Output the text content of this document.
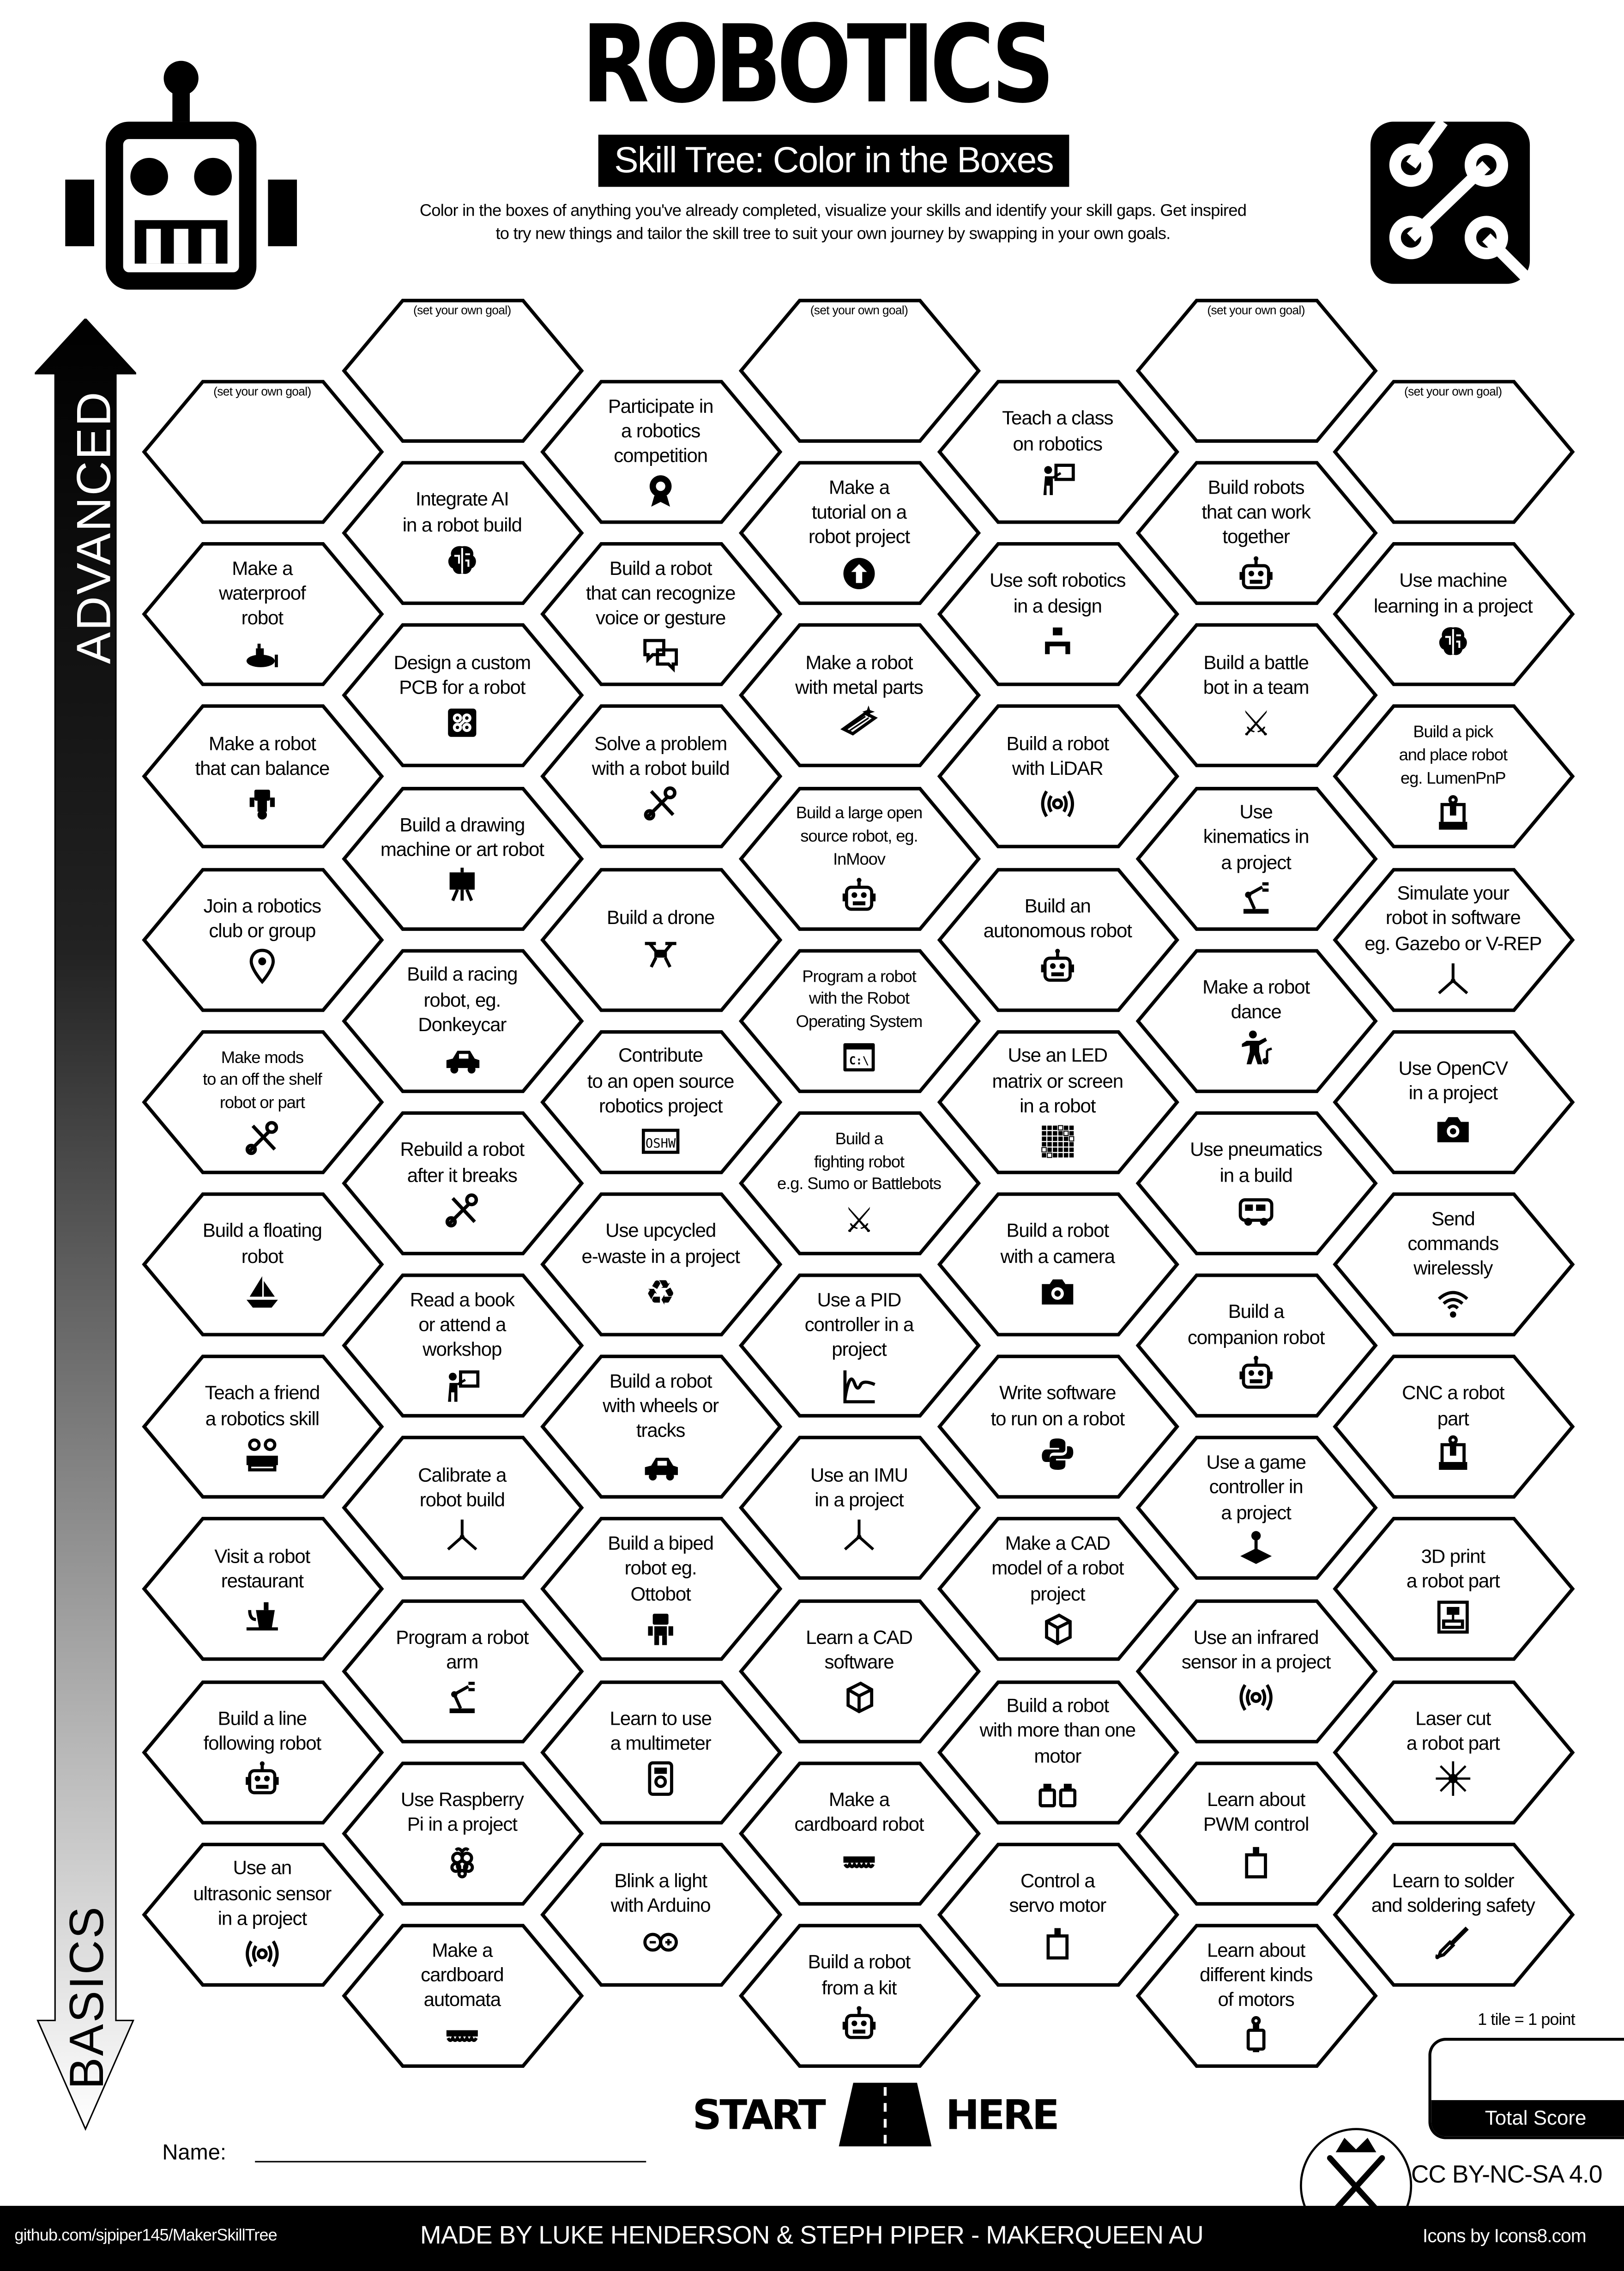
ROBOTICS
Skill Tree: Color in the Boxes
Color in the boxes of anything you've already completed, visualize your skills and identify your skill gaps. Get inspired
to try new things and tailor the skill tree to suit your own journey by swapping in your own goals.
ADVANCED
BASICS
(set your own goal)
Make a
waterproof
robot
Make a robot
that can balance
Join a robotics
club or group
Make mods
to an off the shelf
robot or part
Build a floating
robot
Teach a friend
a robotics skill
Visit a robot
restaurant
Build a line
following robot
Use an
ultrasonic sensor
in a project
(set your own goal)
Integrate AI
in a robot build
Design a custom
PCB for a robot
Build a drawing
machine or art robot
Build a racing
robot, eg.
Donkeycar
Rebuild a robot
after it breaks
Read a book
or attend a
workshop
Calibrate a
robot build
Program a robot
arm
Use Raspberry
Pi in a project
Make a
cardboard
automata
Participate in
a robotics
competition
Build a robot
that can recognize
voice or gesture
Solve a problem
with a robot build
Build a drone
Contribute
to an open source
robotics project
OSHW
Use upcycled
e-waste in a project
♻
Build a robot
with wheels or
tracks
Build a biped
robot eg.
Ottobot
Learn to use
a multimeter
Blink a light
with Arduino
(set your own goal)
Make a
tutorial on a
robot project
Make a robot
with metal parts
Build a large open
source robot, eg.
InMoov
Program a robot
with the Robot
Operating System
C:\
Build a
fighting robot
e.g. Sumo or Battlebots
⚔
Use a PID
controller in a
project
Use an IMU
in a project
Learn a CAD
software
Make a
cardboard robot
Build a robot
from a kit
Teach a class
on robotics
Use soft robotics
in a design
Build a robot
with LiDAR
Build an
autonomous robot
Use an LED
matrix or screen
in a robot
Build a robot
with a camera
Write software
to run on a robot
Make a CAD
model of a robot
project
Build a robot
with more than one
motor
Control a
servo motor
(set your own goal)
Build robots
that can work
together
Build a battle
bot in a team
⚔
Use
kinematics in
a project
Make a robot
dance
Use pneumatics
in a build
Build a
companion robot
Use a game
controller in
a project
Use an infrared
sensor in a project
Learn about
PWM control
Learn about
different kinds
of motors
(set your own goal)
Use machine
learning in a project
Build a pick
and place robot
eg. LumenPnP
Simulate your
robot in software
eg. Gazebo or V-REP
Use OpenCV
in a project
Send
commands
wirelessly
CNC a robot
part
3D print
a robot part
Laser cut
a robot part
Learn to solder
and soldering safety
START	HERE
Name:
1 tile = 1 point
Total Score
CC BY-NC-SA 4.0
github.com/sjpiper145/MakerSkillTree	MADE BY LUKE HENDERSON & STEPH PIPER - MAKERQUEEN AU	Icons by Icons8.com
